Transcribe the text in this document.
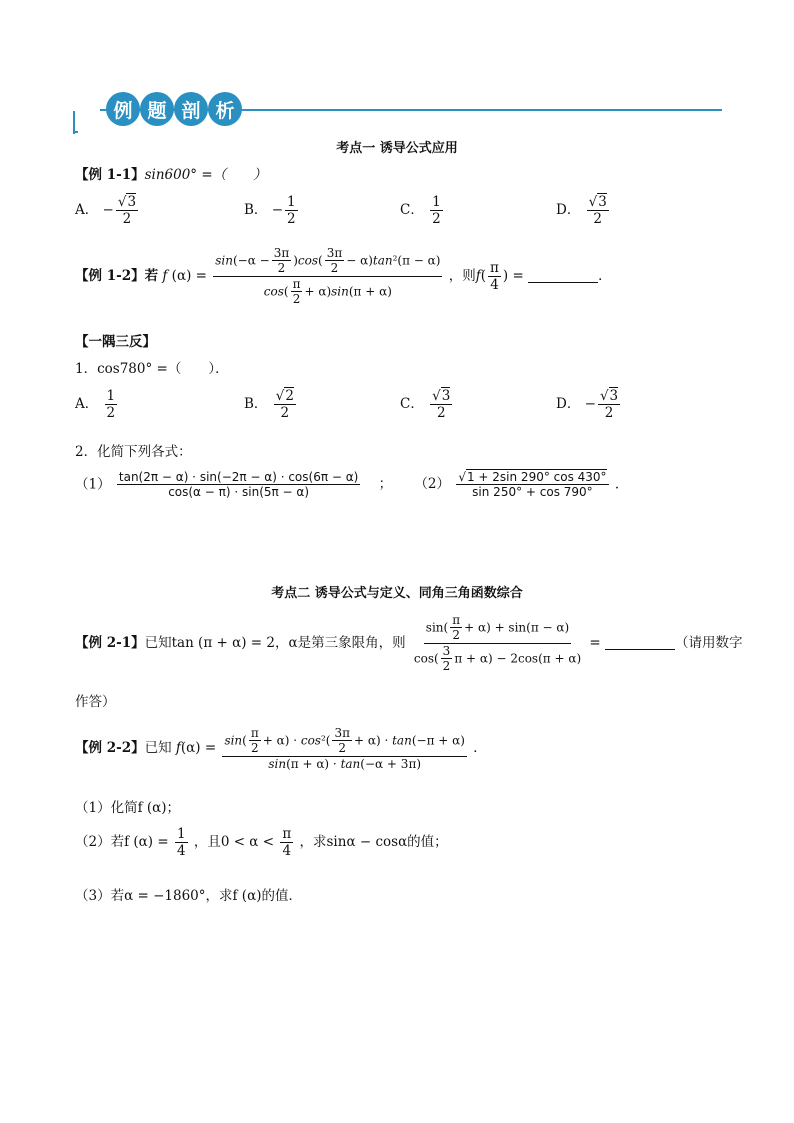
例 题 剖 析
考点一 诱导公式应用
【例 1-1】sin600° =（　　）
A． − $\frac{√3}{2}$	B． − $\frac{1}{2}$	C． $\frac{1}{2}$	D． $\frac{√3}{2}$
【例 1-2】若 f $(\alpha) = \frac{\sin(-\alpha - \frac{3\pi}{2} )\cos( \frac{3\pi}{2} - \alpha)\tan^2(\pi - \alpha)}{\cos( \frac{\pi}{2} + \alpha)\sin(\pi + \alpha)}$ ，则$f( \frac{\pi}{4}$ ) =	．
【一隅三反】
1．cos780° =（　　）．
A． $\frac{1}{2}$	B． $\frac{√2}{2}$	C． $\frac{√3}{2}$	D． − $\frac{√3}{2}$
2．化简下列各式：
$(1) \frac{\tan(2\pi - \alpha) \cdot \sin(-2\pi - \alpha) \cdot \cos(6\pi - \alpha)}{\cos(\alpha - \pi) \cdot \sin(5\pi - \alpha)}$ ； $(2) \frac{√1 + 2\sin 290^\circ \cos 430^\circ}{\sin 250^\circ + \cos 790^\circ}$ .
考点二 诱导公式与定义、同角三角函数综合
【例 2-1】已知tan (π + α) = 2，α是第三象限角，则 $\frac{\sin( \frac{\pi}{2} + \alpha) + \sin(\pi - \alpha)}{\cos( \frac{3}{2} \pi + \alpha) - 2\cos(\pi + \alpha)}$ =	（请用数字
作答）
【例 2-2】已知 $f(\alpha) = \frac{\sin( \frac{\pi}{2} + \alpha) \cdot \cos^2( \frac{3\pi}{2} + \alpha) \cdot \tan(-\pi + \alpha)}{\sin(\pi + \alpha) \cdot \tan(-\alpha + 3\pi)}$ ．
（1）化简f (α)；
（2）若f $(\alpha) = \frac{1}{4}$ ，且$0 < \alpha < \frac{\pi}{4}$ ，求sinα − cosα的值；
（3）若α = −1860°，求f (α)的值．
